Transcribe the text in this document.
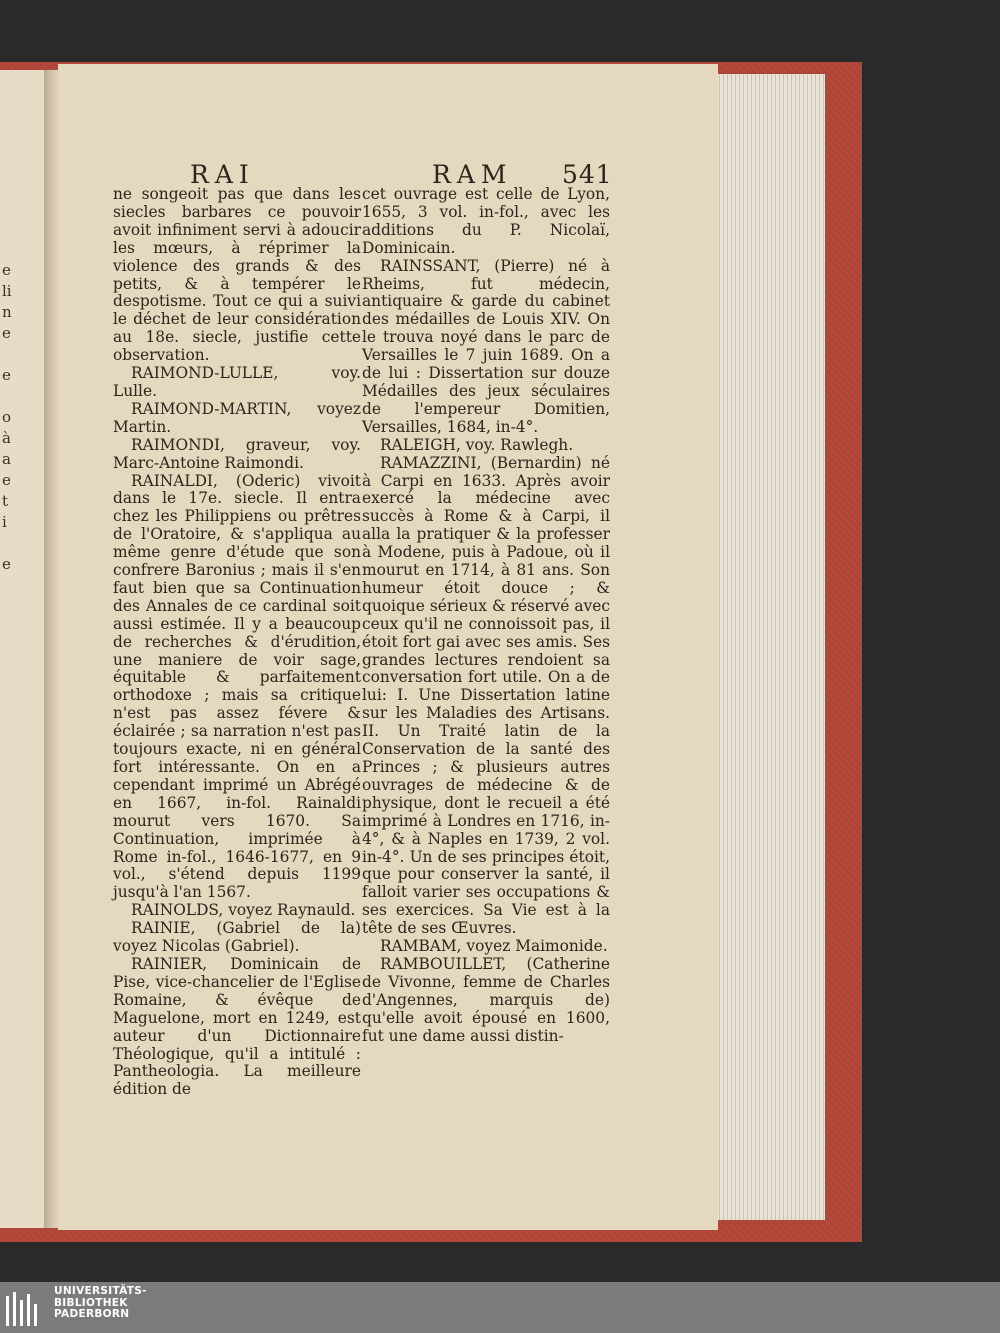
e
li
n
e

e

o
à
a
e
t
i

e

RAI	RAM 541

ne songeoit pas que dans les siecles barbares ce pouvoir avoit infiniment servi à adoucir les mœurs, à réprimer la violence des grands & des petits, & à tempérer le despotisme. Tout ce qui a suivi le déchet de leur considération au 18e. siecle, justifie cette observation.

RAIMOND-LULLE, voy. Lulle.

RAIMOND-MARTIN, voyez Martin.

RAIMONDI, graveur, voy. Marc-Antoine Raimondi.

RAINALDI, (Oderic) vivoit dans le 17e. siecle. Il entra chez les Philippiens ou prêtres de l'Oratoire, & s'appliqua au même genre d'étude que son confrere Baronius ; mais il s'en faut bien que sa Continuation des Annales de ce cardinal soit aussi estimée. Il y a beaucoup de recherches & d'érudition, une maniere de voir sage, équitable & parfaitement orthodoxe ; mais sa critique n'est pas assez févere & éclairée ; sa narration n'est pas toujours exacte, ni en général fort intéressante. On en a cependant imprimé un Abrégé en 1667, in-fol. Rainaldi mourut vers 1670. Sa Continuation, imprimée à Rome in-fol., 1646-1677, en 9 vol., s'étend depuis 1199 jusqu'à l'an 1567.

RAINOLDS, voyez Raynauld.

RAINIE, (Gabriel de la) voyez Nicolas (Gabriel).

RAINIER, Dominicain de Pise, vice-chancelier de l'Eglise Romaine, & évêque de Maguelone, mort en 1249, est auteur d'un Dictionnaire Théologique, qu'il a intitulé : Pantheologia. La meilleure édition de

cet ouvrage est celle de Lyon, 1655, 3 vol. in-fol., avec les additions du P. Nicolaï, Dominicain.

RAINSSANT, (Pierre) né à Rheims, fut médecin, antiquaire & garde du cabinet des médailles de Louis XIV. On le trouva noyé dans le parc de Versailles le 7 juin 1689. On a de lui : Dissertation sur douze Médailles des jeux séculaires de l'empereur Domitien, Versailles, 1684, in-4°.

RALEIGH, voy. Rawlegh.

RAMAZZINI, (Bernardin) né à Carpi en 1633. Après avoir exercé la médecine avec succès à Rome & à Carpi, il alla la pratiquer & la professer à Modene, puis à Padoue, où il mourut en 1714, à 81 ans. Son humeur étoit douce ; & quoique sérieux & réservé avec ceux qu'il ne connoissoit pas, il étoit fort gai avec ses amis. Ses grandes lectures rendoient sa conversation fort utile. On a de lui: I. Une Dissertation latine sur les Maladies des Artisans. II. Un Traité latin de la Conservation de la santé des Princes ; & plusieurs autres ouvrages de médecine & de physique, dont le recueil a été imprimé à Londres en 1716, in-4°, & à Naples en 1739, 2 vol. in-4°. Un de ses principes étoit, que pour conserver la santé, il falloit varier ses occupations & ses exercices. Sa Vie est à la tête de ses Œuvres.

RAMBAM, voyez Maimonide.

RAMBOUILLET, (Catherine de Vivonne, femme de Charles d'Angennes, marquis de) qu'elle avoit épousé en 1600, fut une dame aussi distin-

UNIVERSITÄTS-
BIBLIOTHEK
PADERBORN
